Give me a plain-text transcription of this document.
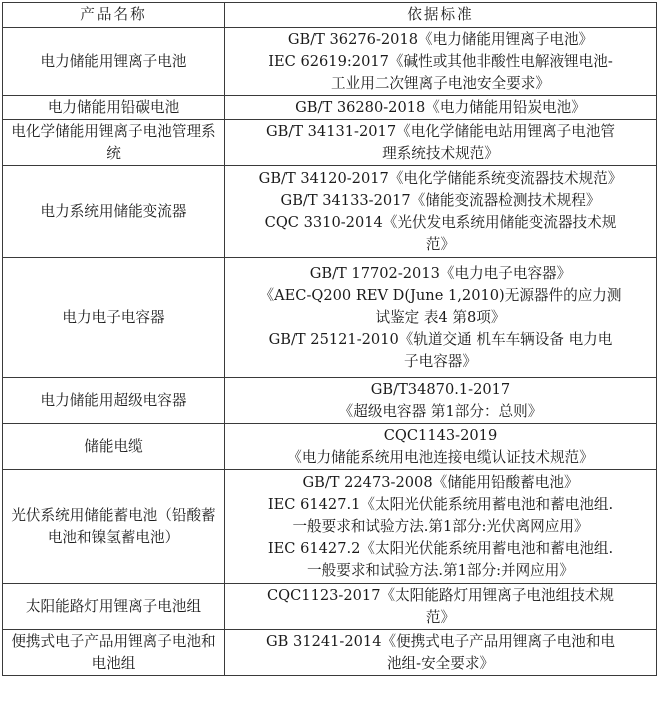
产品名称	依据标准
电力储能用锂离子电池	GB/T 36276-2018《电力储能用锂离子电池》
IEC 62619:2017《碱性或其他非酸性电解液锂电池-
工业用二次锂离子电池安全要求》

电力储能用铅碳电池	GB/T 36280-2018《电力储能用铅炭电池》

电化学储能用锂离子电池管理系统	GB/T 34131-2017《电化学储能电站用锂离子电池管
理系统技术规范》

电力系统用储能变流器	GB/T 34120-2017《电化学储能系统变流器技术规范》
GB/T 34133-2017《储能变流器检测技术规程》
CQC 3310-2014《光伏发电系统用储能变流器技术规
范》

电力电子电容器	GB/T 17702-2013《电力电子电容器》
《AEC-Q200 REV D(June 1,2010)无源器件的应力测
试鉴定 表4 第8项》
GB/T 25121-2010《轨道交通 机车车辆设备 电力电
子电容器》

电力储能用超级电容器	GB/T34870.1-2017
《超级电容器 第1部分：总则》

储能电缆	CQC1143-2019
《电力储能系统用电池连接电缆认证技术规范》

光伏系统用储能蓄电池（铅酸蓄电池和镍氢蓄电池）	GB/T 22473-2008《储能用铅酸蓄电池》
IEC 61427.1《太阳光伏能系统用蓄电池和蓄电池组.
一般要求和试验方法.第1部分:光伏离网应用》
IEC 61427.2《太阳光伏能系统用蓄电池和蓄电池组.
一般要求和试验方法.第1部分:并网应用》

太阳能路灯用锂离子电池组	CQC1123-2017《太阳能路灯用锂离子电池组技术规
范》

便携式电子产品用锂离子电池和电池组	GB 31241-2014《便携式电子产品用锂离子电池和电
池组-安全要求》
